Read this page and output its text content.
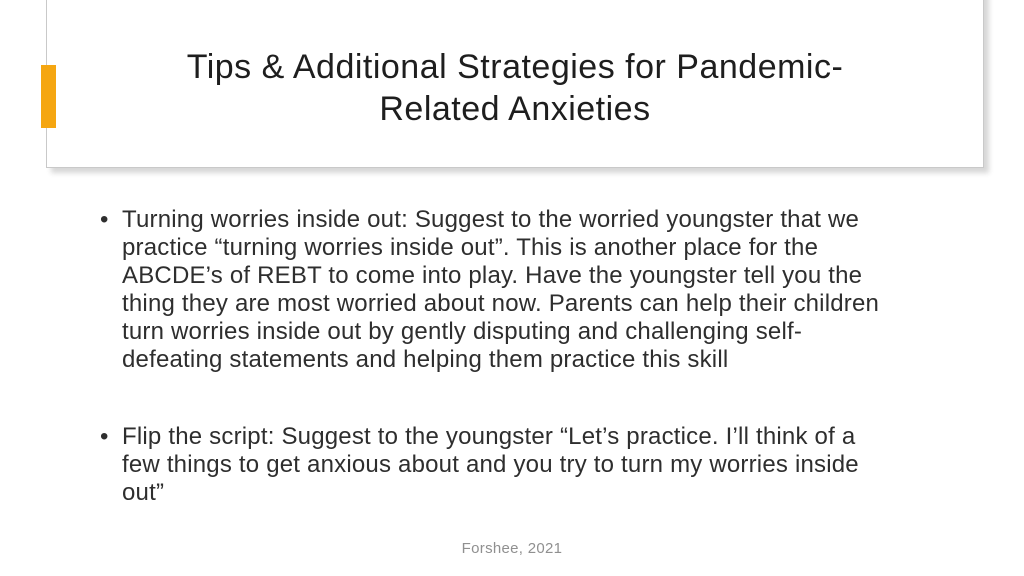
Tips & Additional Strategies for Pandemic-
Related Anxieties
• Turning worries inside out: Suggest to the worried youngster that we
practice “turning worries inside out”. This is another place for the
ABCDE’s of REBT to come into play. Have the youngster tell you the
thing they are most worried about now. Parents can help their children
turn worries inside out by gently disputing and challenging self-
defeating statements and helping them practice this skill
• Flip the script: Suggest to the youngster “Let’s practice. I’ll think of a
few things to get anxious about and you try to turn my worries inside
out”
Forshee, 2021
